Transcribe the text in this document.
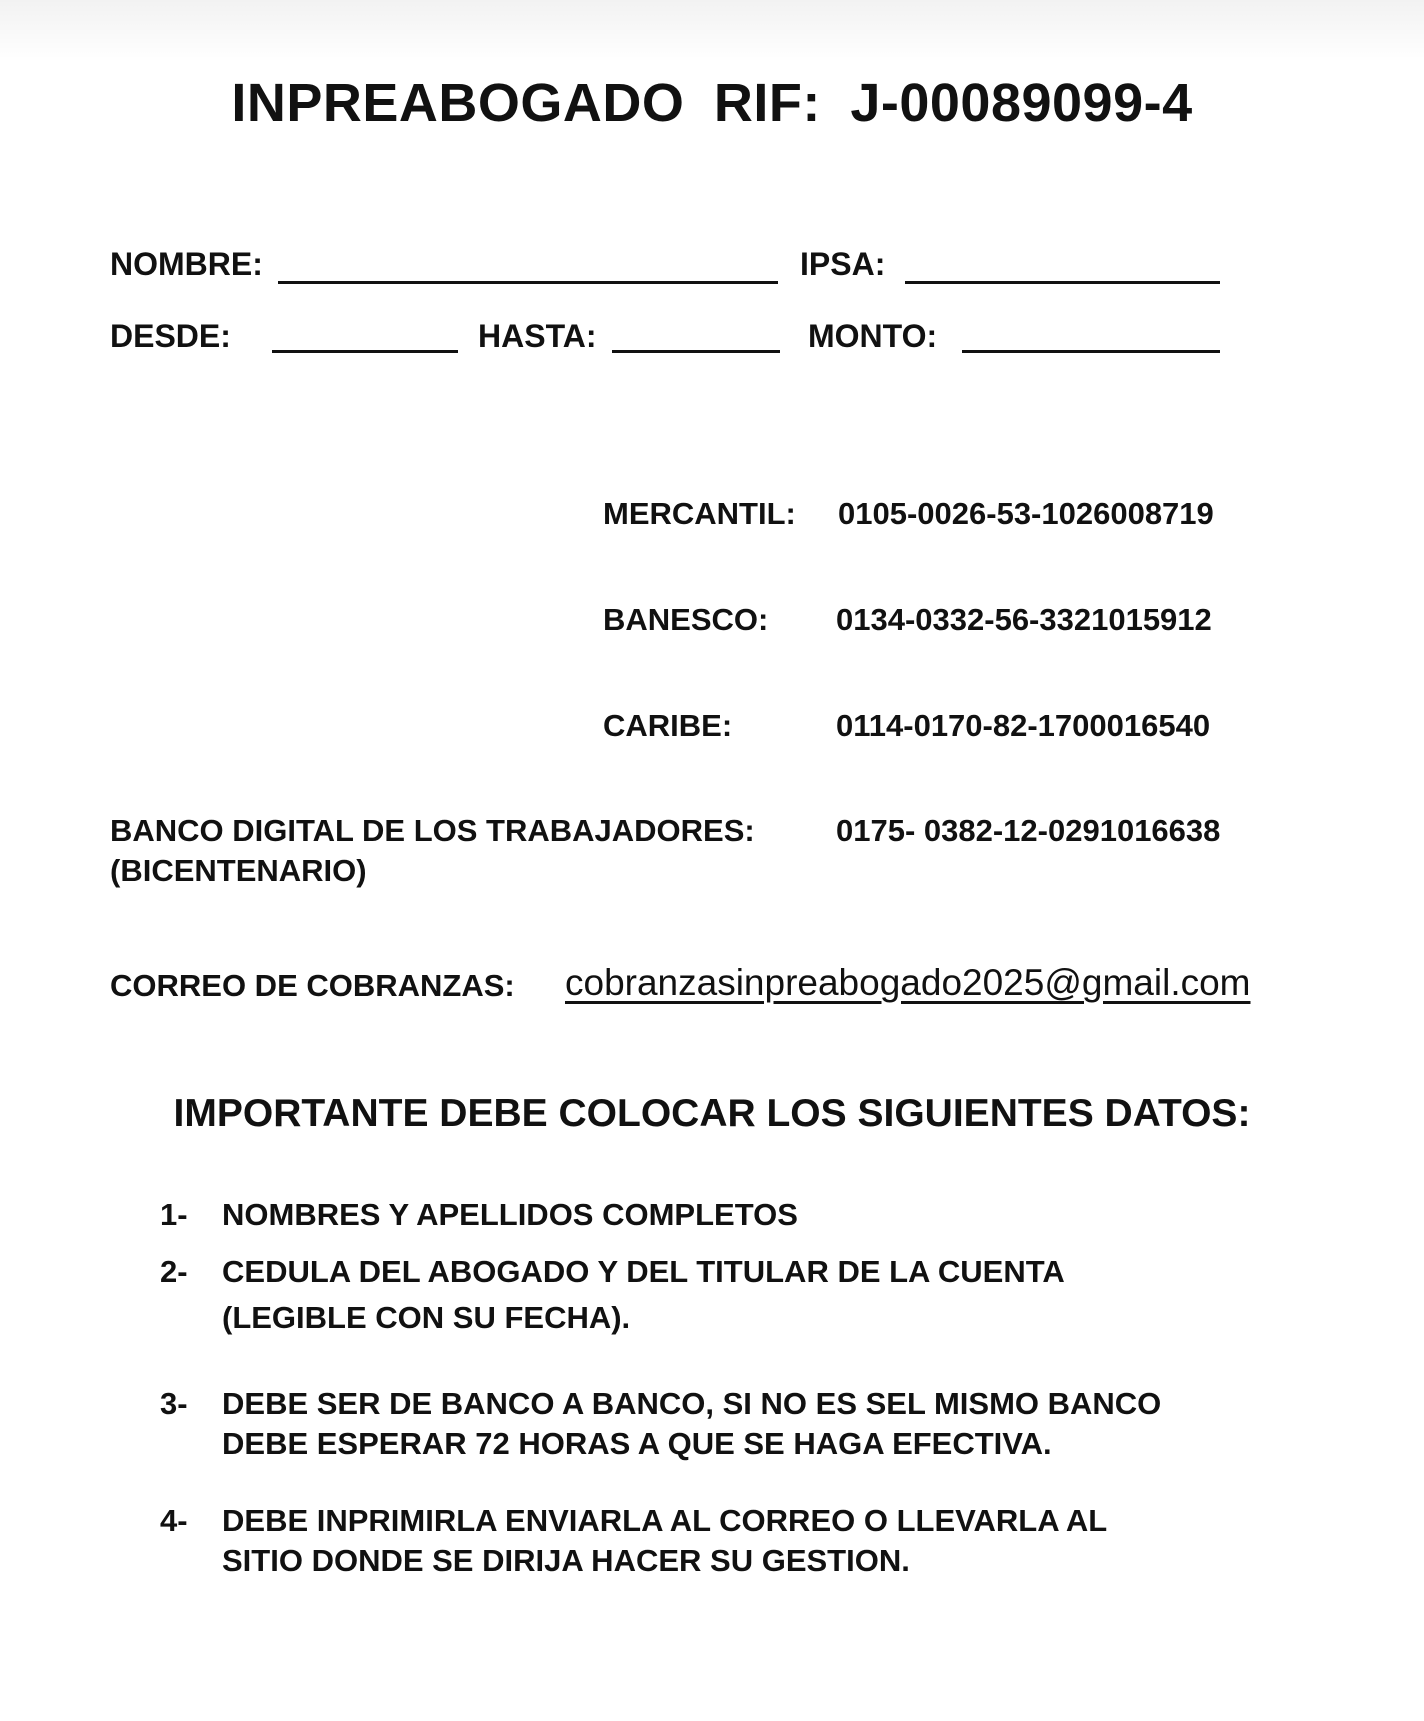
INPREABOGADO RIF: J-00089099-4
NOMBRE:	IPSA:
DESDE:	HASTA:	MONTO:
MERCANTIL: 0105-0026-53-1026008719
BANESCO: 0134-0332-56-3321015912
CARIBE:	0114-0170-82-1700016540
BANCO DIGITAL DE LOS TRABAJADORES:	0175- 0382-12-0291016638
(BICENTENARIO)
CORREO DE COBRANZAS: cobranzasinpreabogado2025@gmail.com
IMPORTANTE DEBE COLOCAR LOS SIGUIENTES DATOS:
1- NOMBRES Y APELLIDOS COMPLETOS
2- CEDULA DEL ABOGADO Y DEL TITULAR DE LA CUENTA
(LEGIBLE CON SU FECHA).
3- DEBE SER DE BANCO A BANCO, SI NO ES SEL MISMO BANCO
DEBE ESPERAR 72 HORAS A QUE SE HAGA EFECTIVA.
4- DEBE INPRIMIRLA ENVIARLA AL CORREO O LLEVARLA AL
SITIO DONDE SE DIRIJA HACER SU GESTION.
